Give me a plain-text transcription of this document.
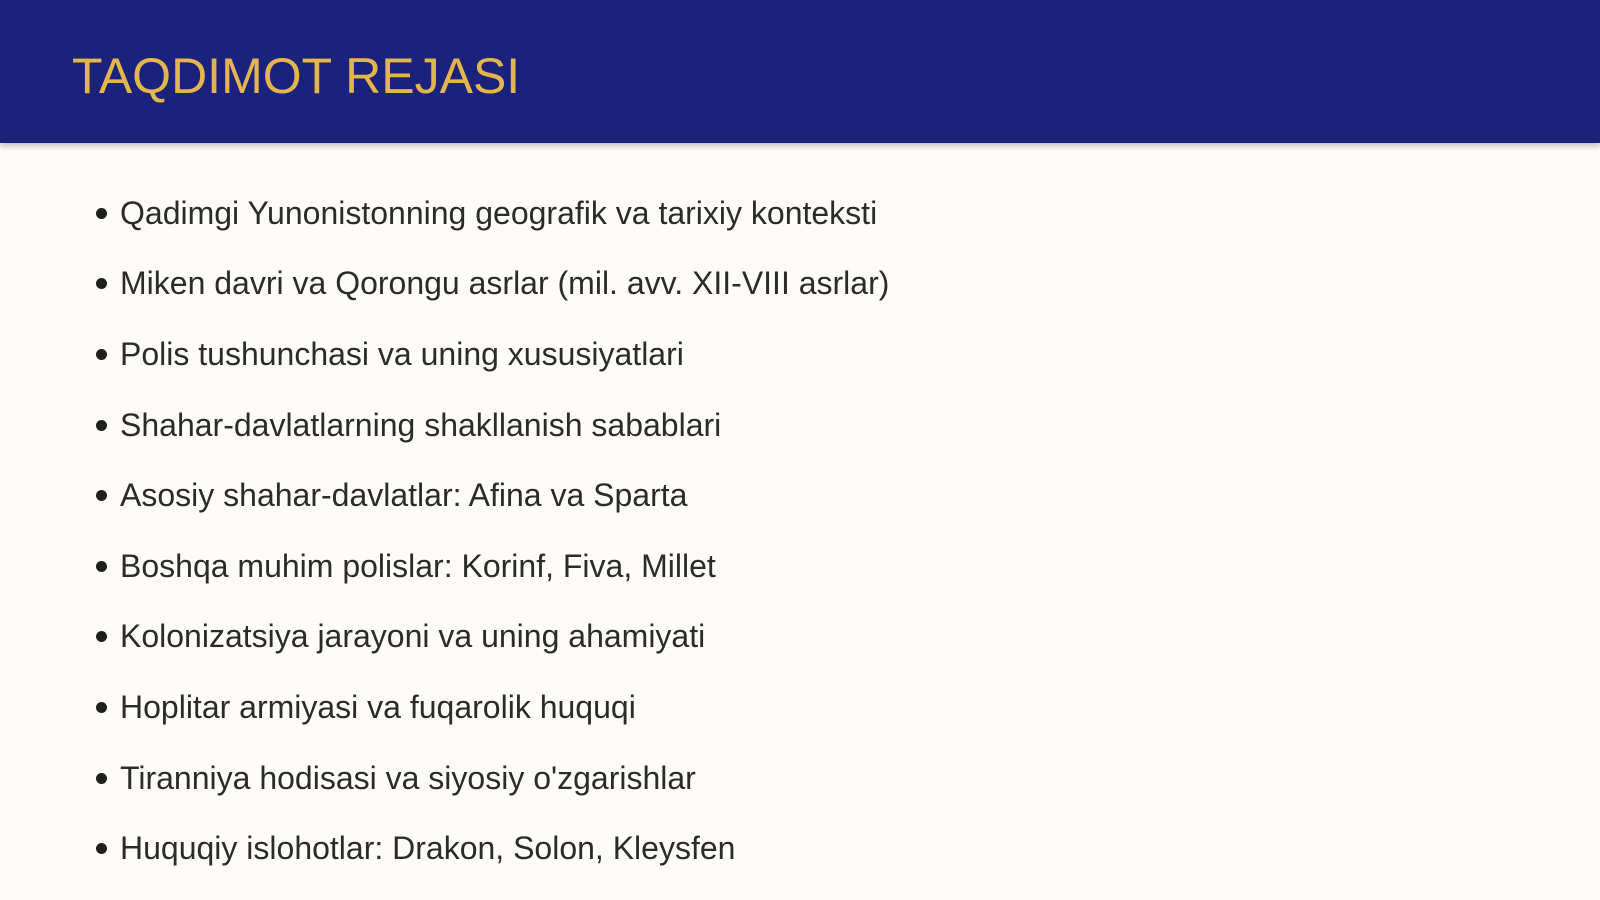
TAQDIMOT REJASI
Qadimgi Yunonistonning geografik va tarixiy konteksti
Miken davri va Qorongu asrlar (mil. avv. XII-VIII asrlar)
Polis tushunchasi va uning xususiyatlari
Shahar-davlatlarning shakllanish sabablari
Asosiy shahar-davlatlar: Afina va Sparta
Boshqa muhim polislar: Korinf, Fiva, Millet
Kolonizatsiya jarayoni va uning ahamiyati
Hoplitar armiyasi va fuqarolik huquqi
Tiranniya hodisasi va siyosiy o'zgarishlar
Huquqiy islohotlar: Drakon, Solon, Kleysfen
